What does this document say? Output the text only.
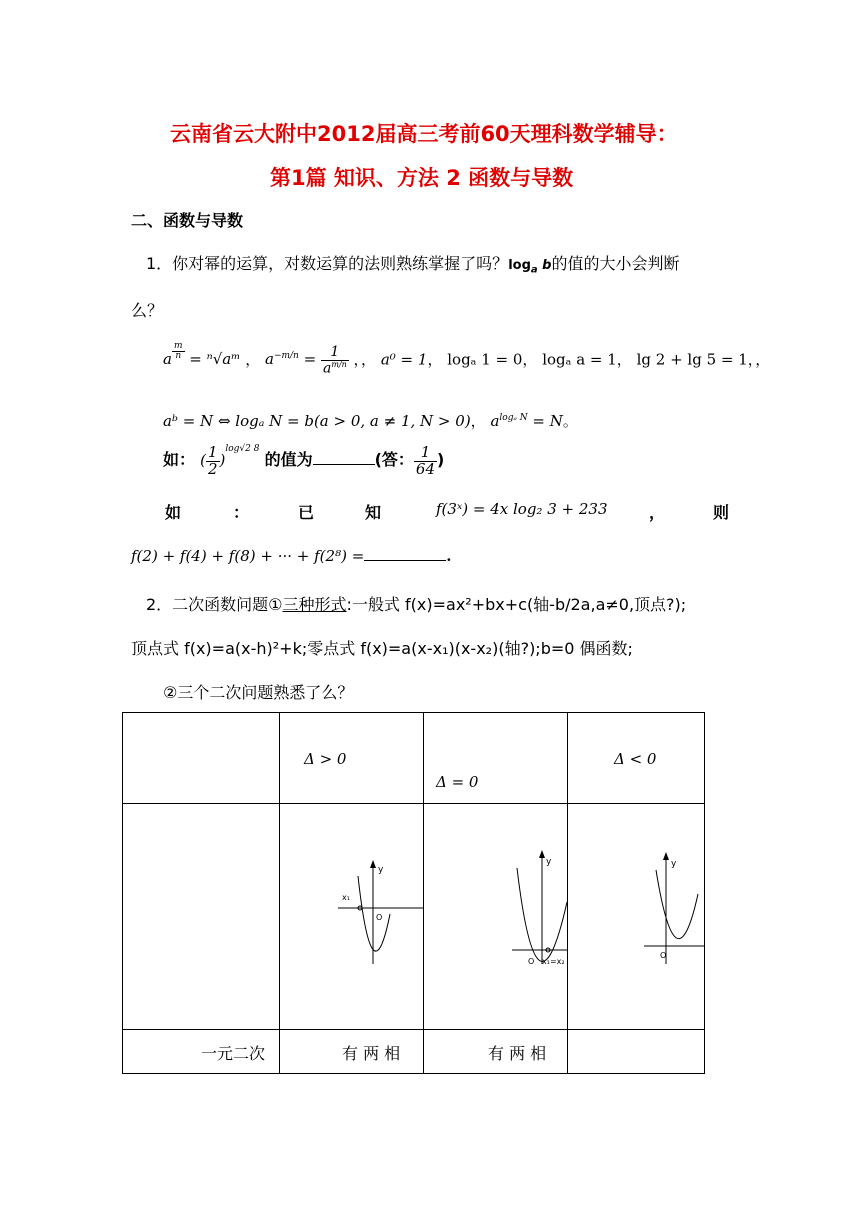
云南省云大附中2012届高三考前60天理科数学辅导：
第1篇 知识、方法 2 函数与导数
二、函数与导数
1．你对幂的运算，对数运算的法则熟练掌握了吗？$\log_a b$的值的大小会判断
么？
a $^{\frac{m}{n}}$ = ⁿ√aᵐ ， $a^{-m/n} = \frac{1}{a^{m/n}}$ ，， a⁰ = 1， logₐ 1 = 0， logₐ a = 1， lg 2 + lg 5 = 1，，
aᵇ = N ⇔ logₐ N = b(a > 0, a ≠ 1, N > 0)， $a^{log_a N} = N$。
如： ( $\frac{1}{2} )^{log√2 8}$ 的值为	(答： $\frac{1}{64}$ )
如	：	已	知	f(3ˣ) = 4x log₂ 3 + 233	，	则
f(2) + f(4) + f(8) + ··· + f(2⁸) =	.
2．二次函数问题①三种形式:一般式 f(x)=ax²+bx+c(轴-b/2a,a≠0,顶点?);
顶点式 f(x)=a(x-h)²+k;零点式 f(x)=a(x-x₁)(x-x₂)(轴?);b=0 偶函数;
②三个二次问题熟悉了么？

	Δ > 0	Δ = 0	Δ < 0

y
x₁
O	y
O x₁=x₂	y
O

一元二次	有 两 相	有 两 相	
